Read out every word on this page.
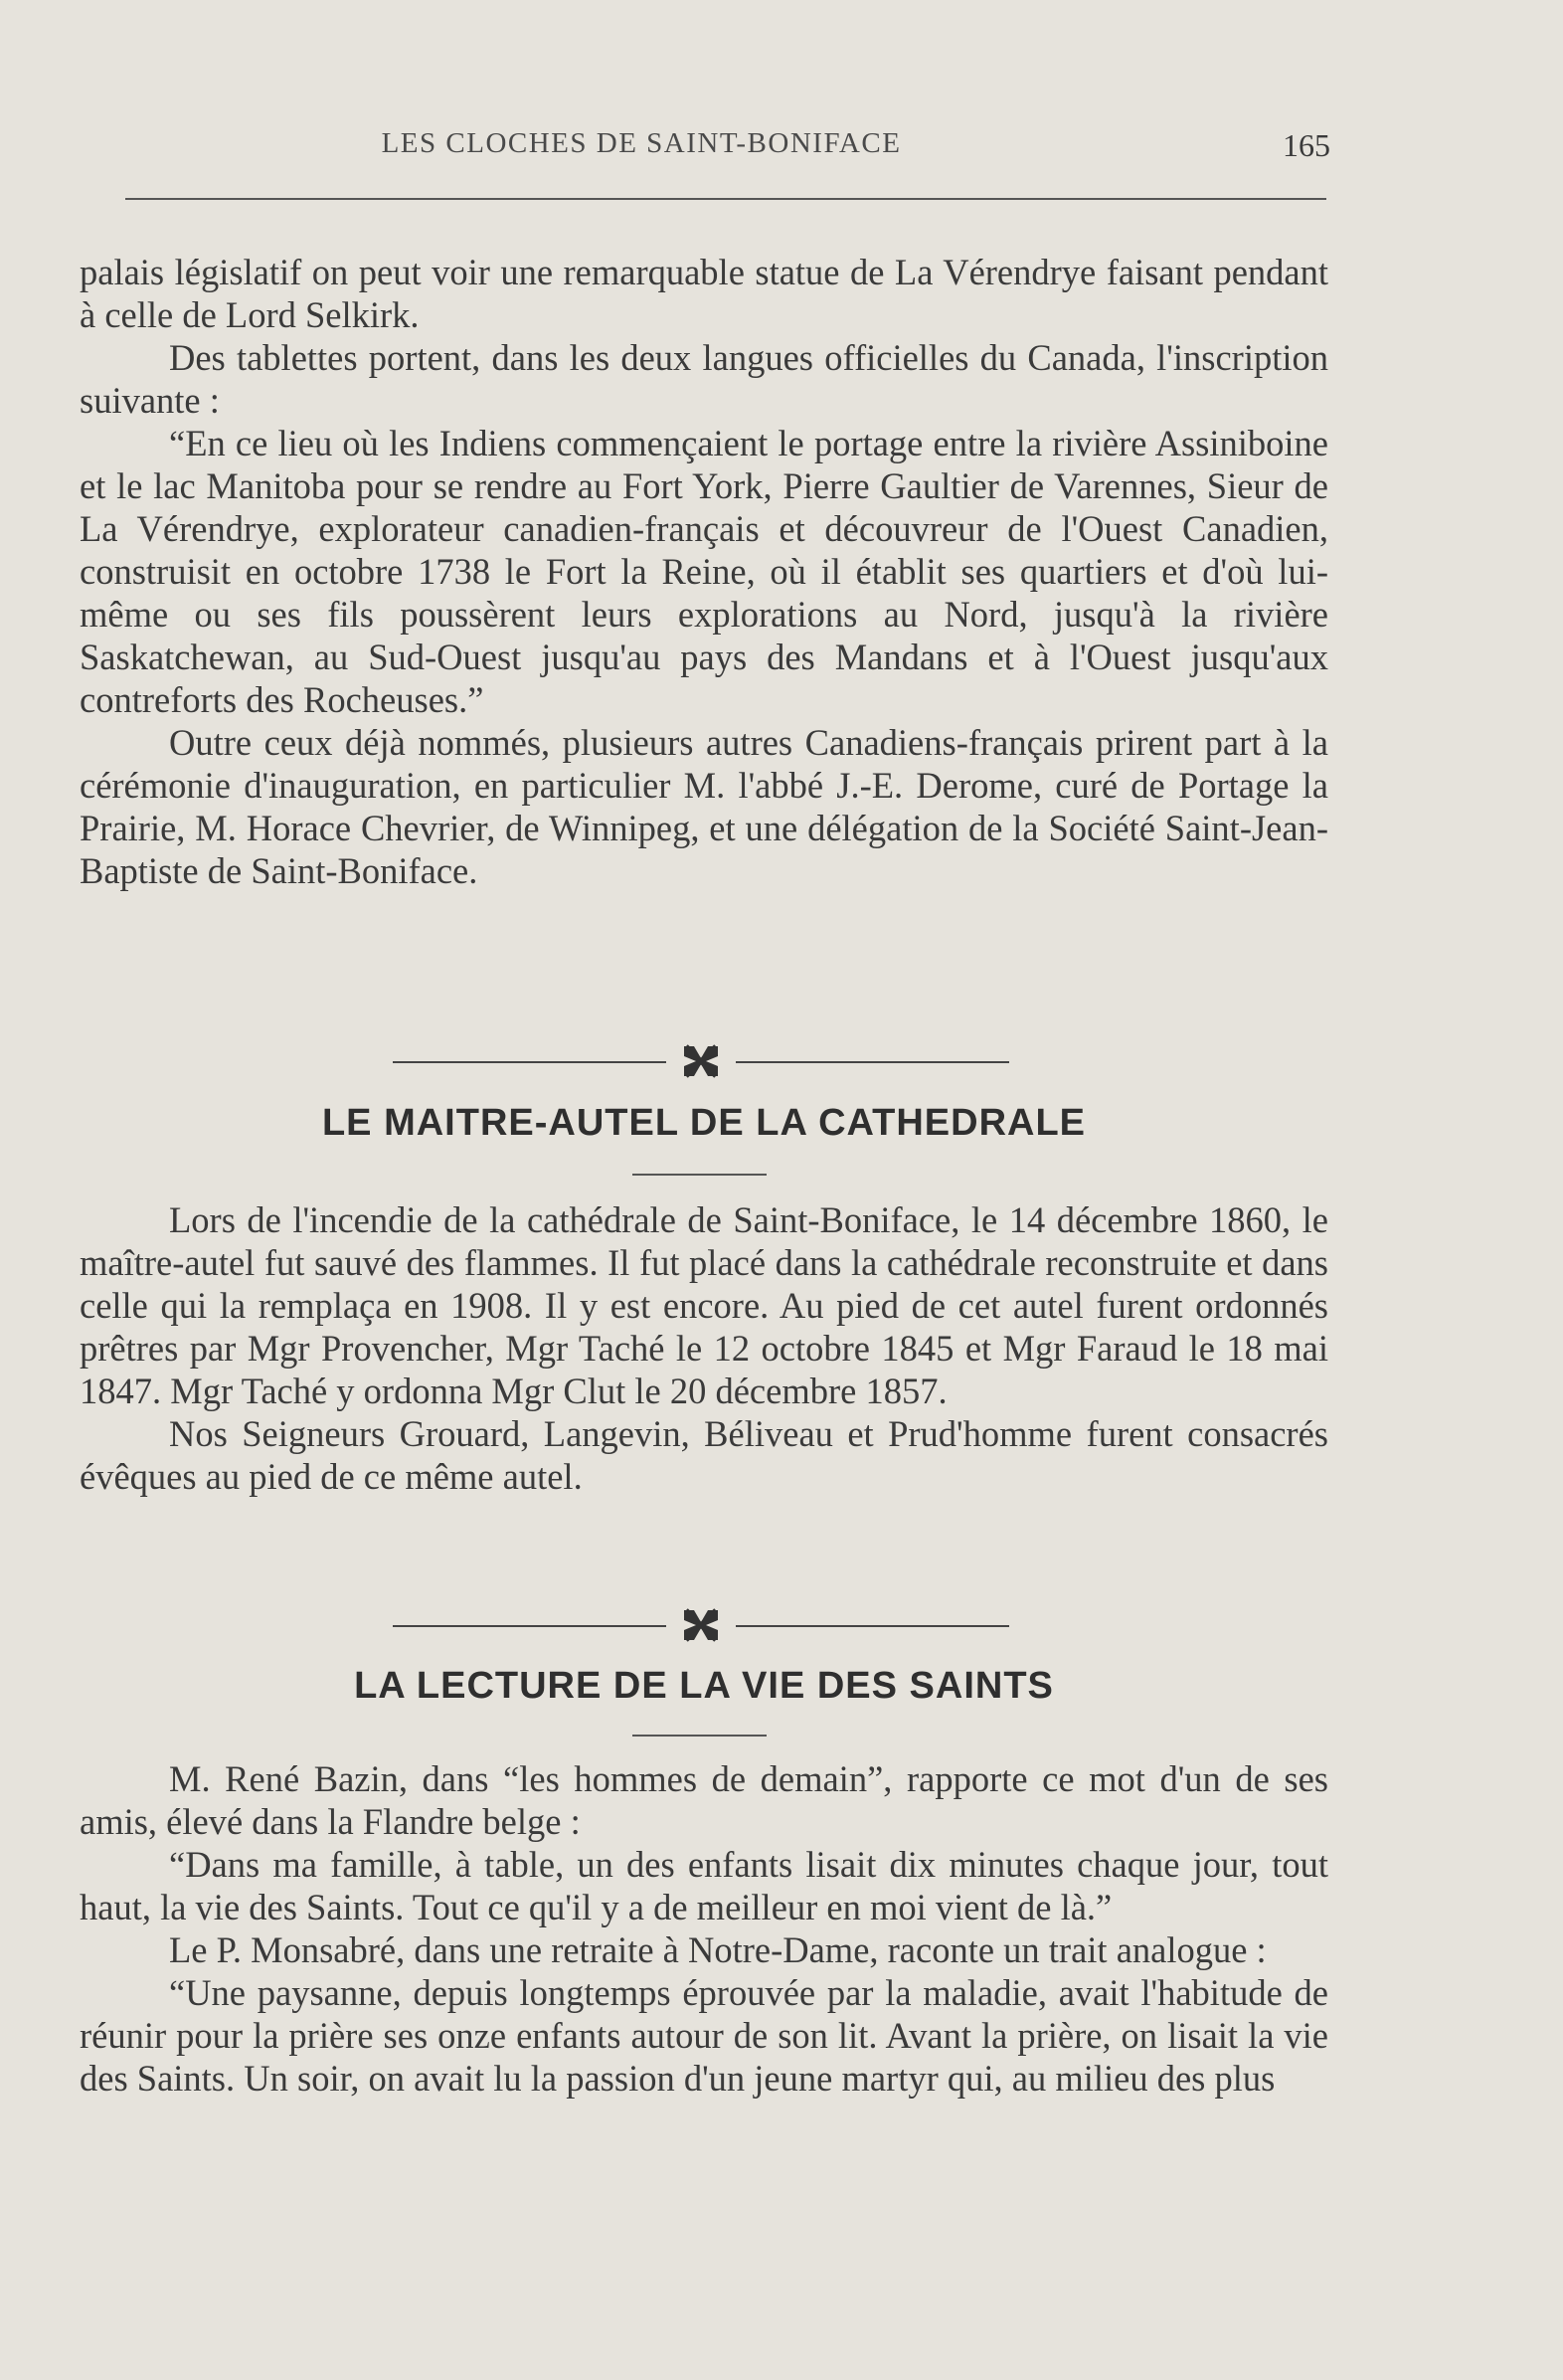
LES CLOCHES DE SAINT-BONIFACE	165

palais législatif on peut voir une remarquable statue de La Vérendrye faisant pendant à celle de Lord Selkirk.

Des tablettes portent, dans les deux langues officielles du Canada, l'inscription suivante :

“En ce lieu où les Indiens commençaient le portage entre la rivière Assiniboine et le lac Manitoba pour se rendre au Fort York, Pierre Gaultier de Varennes, Sieur de La Vérendrye, explorateur canadien-français et découvreur de l'Ouest Canadien, construisit en octobre 1738 le Fort la Reine, où il établit ses quartiers et d'où lui-même ou ses fils poussèrent leurs explorations au Nord, jusqu'à la rivière Saskatchewan, au Sud-Ouest jusqu'au pays des Mandans et à l'Ouest jusqu'aux contreforts des Rocheuses.”

Outre ceux déjà nommés, plusieurs autres Canadiens-français prirent part à la cérémonie d'inauguration, en particulier M. l'abbé J.-E. Derome, curé de Portage la Prairie, M. Horace Chevrier, de Winnipeg, et une délégation de la Société Saint-Jean-Baptiste de Saint-Boniface.

LE MAITRE-AUTEL DE LA CATHEDRALE

Lors de l'incendie de la cathédrale de Saint-Boniface, le 14 décembre 1860, le maître-autel fut sauvé des flammes. Il fut placé dans la cathédrale reconstruite et dans celle qui la remplaça en 1908. Il y est encore. Au pied de cet autel furent ordonnés prêtres par Mgr Provencher, Mgr Taché le 12 octobre 1845 et Mgr Faraud le 18 mai 1847. Mgr Taché y ordonna Mgr Clut le 20 décembre 1857.

Nos Seigneurs Grouard, Langevin, Béliveau et Prud'homme furent consacrés évêques au pied de ce même autel.

LA LECTURE DE LA VIE DES SAINTS

M. René Bazin, dans “les hommes de demain”, rapporte ce mot d'un de ses amis, élevé dans la Flandre belge :

“Dans ma famille, à table, un des enfants lisait dix minutes chaque jour, tout haut, la vie des Saints. Tout ce qu'il y a de meilleur en moi vient de là.”

Le P. Monsabré, dans une retraite à Notre-Dame, raconte un trait analogue :

“Une paysanne, depuis longtemps éprouvée par la maladie, avait l'habitude de réunir pour la prière ses onze enfants autour de son lit. Avant la prière, on lisait la vie des Saints. Un soir, on avait lu la passion d'un jeune martyr qui, au milieu des plus
